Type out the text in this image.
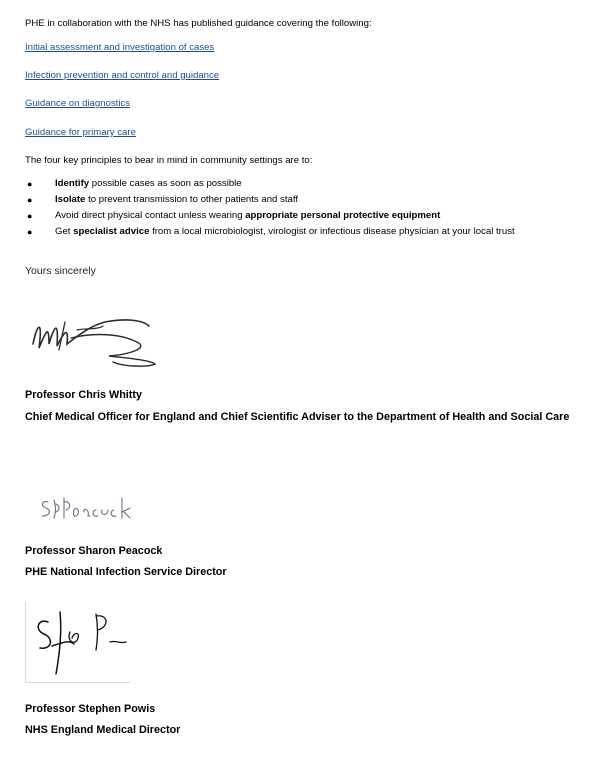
PHE in collaboration with the NHS has published guidance covering the following:
Initial assessment and investigation of cases
Infection prevention and control and guidance
Guidance on diagnostics
Guidance for primary care
The four key principles to bear in mind in community settings are to:
● Identify possible cases as soon as possible
● Isolate to prevent transmission to other patients and staff
● Avoid direct physical contact unless wearing appropriate personal protective equipment
● Get specialist advice from a local microbiologist, virologist or infectious disease physician at your local trust
Yours sincerely
Professor Chris Whitty
Chief Medical Officer for England and Chief Scientific Adviser to the Department of Health and Social Care
Professor Sharon Peacock
PHE National Infection Service Director
Professor Stephen Powis
NHS England Medical Director
